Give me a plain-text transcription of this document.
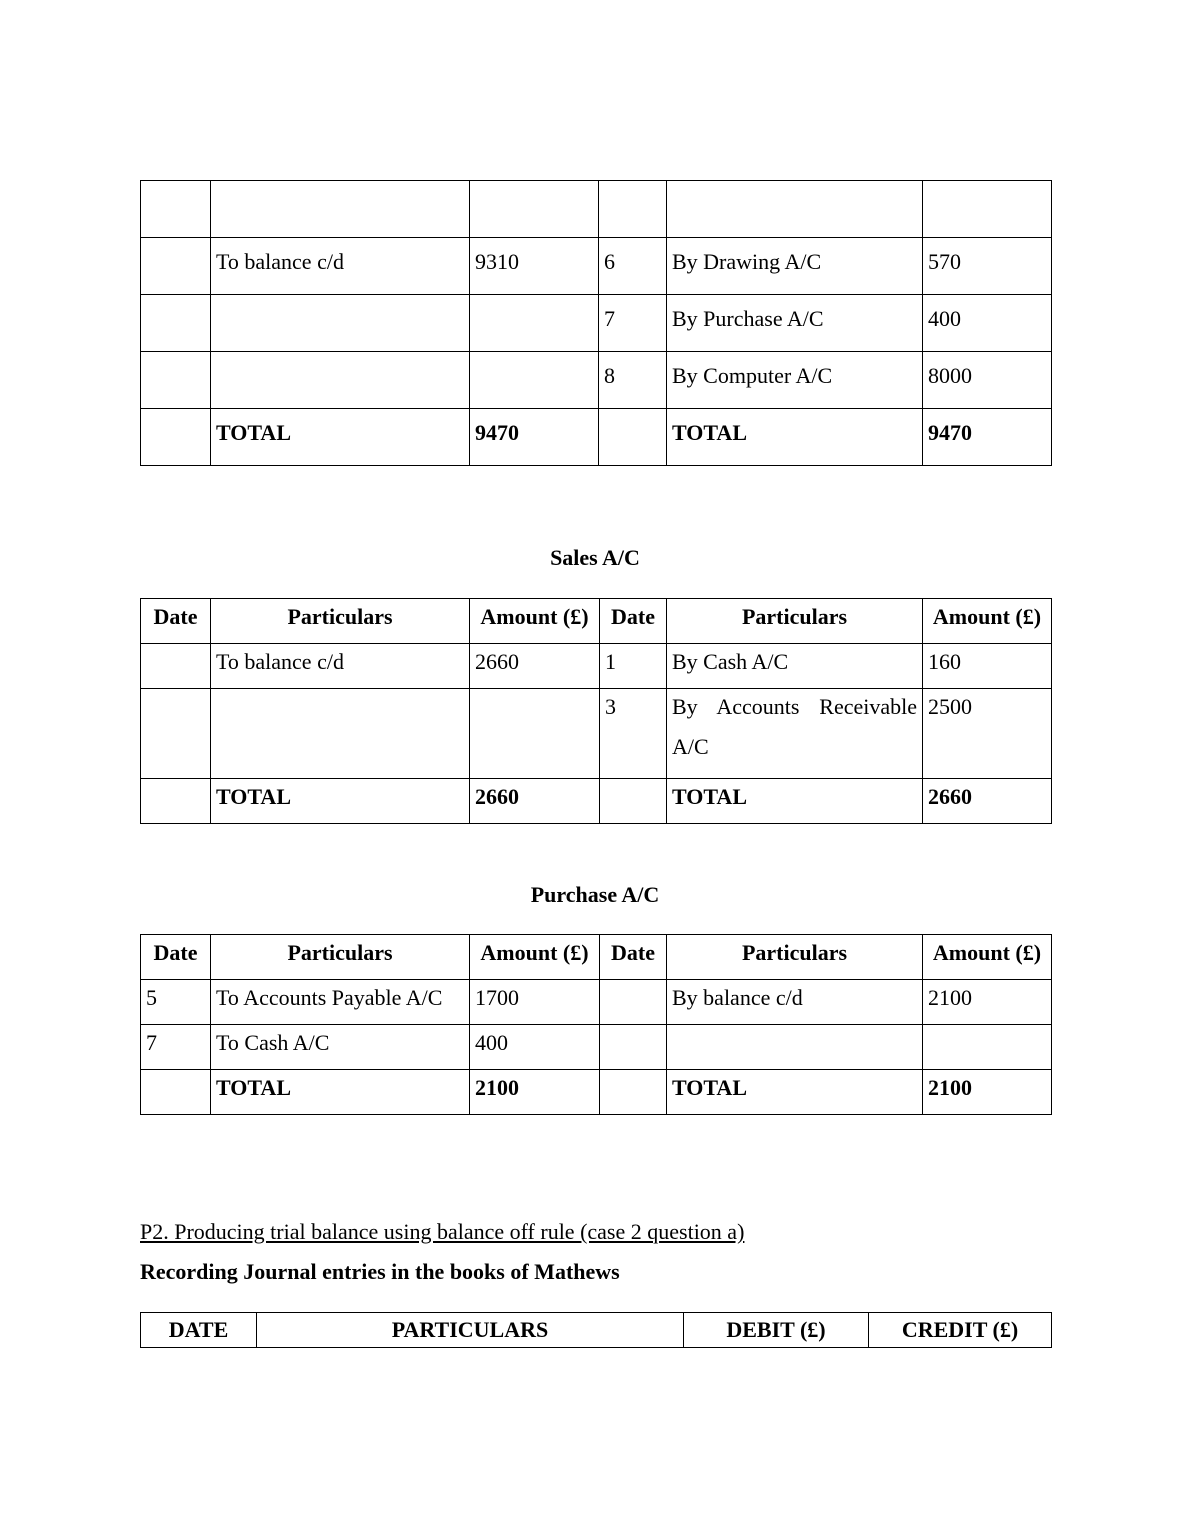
	To balance c/d	9310	6	By Drawing A/C	570

			7	By Purchase A/C	400

			8	By Computer A/C	8000

	TOTAL	9470		TOTAL	9470
Sales A/C
Date	Particulars	Amount (£)	Date	Particulars	Amount (£)

	To balance c/d	2660	1	By Cash A/C	160

			3	By Accounts Receivable A/C	2500

	TOTAL	2660		TOTAL	2660
Purchase A/C
Date	Particulars	Amount (£)	Date	Particulars	Amount (£)

5	To Accounts Payable A/C	1700		By balance c/d	2100

7	To Cash A/C	400			

	TOTAL	2100		TOTAL	2100
P2. Producing trial balance using balance off rule (case 2 question a)
Recording Journal entries in the books of Mathews
DATE	PARTICULARS	DEBIT (£)	CREDIT (£)
